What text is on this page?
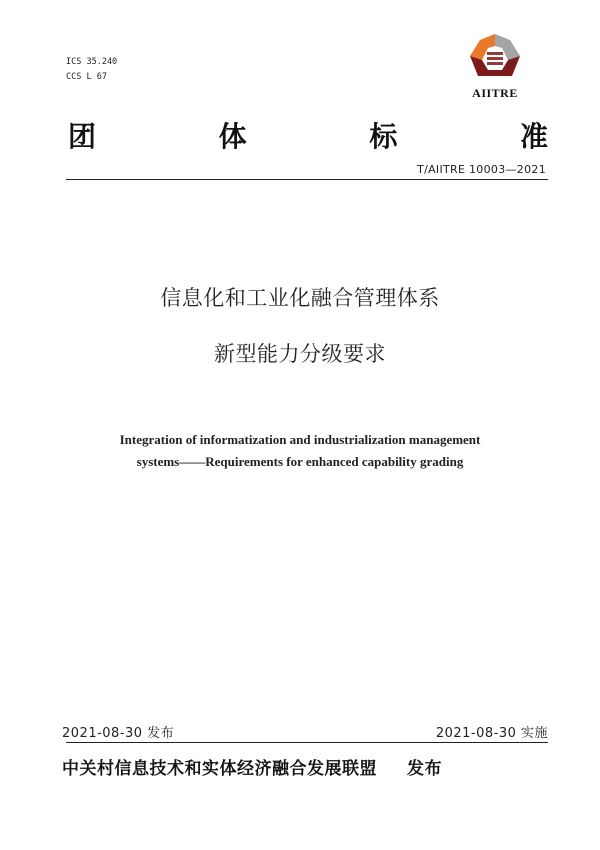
ICS 35.240
CCS L 67
AIITRE
团	体	标	准
T/AIITRE 10003—2021
信息化和工业化融合管理体系
新型能力分级要求
Integration of informatization and industrialization management
systems——Requirements for enhanced capability grading
2021-08-30 发布	2021-08-30 实施
中关村信息技术和实体经济融合发展联盟 发布
